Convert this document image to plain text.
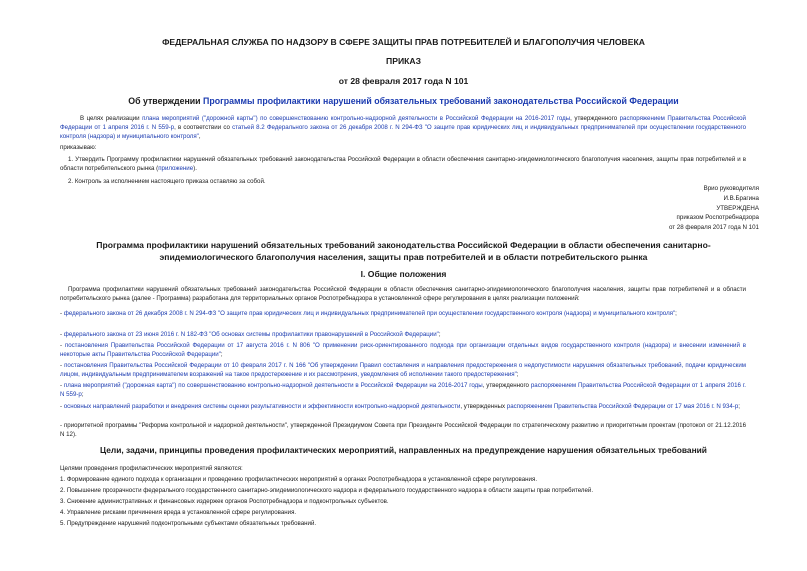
ФЕДЕРАЛЬНАЯ СЛУЖБА ПО НАДЗОРУ В СФЕРЕ ЗАЩИТЫ ПРАВ ПОТРЕБИТЕЛЕЙ И БЛАГОПОЛУЧИЯ ЧЕЛОВЕКА
ПРИКАЗ
от 28 февраля 2017 года N 101
Об утверждении Программы профилактики нарушений обязательных требований законодательства Российской Федерации
В целях реализации плана мероприятий ("дорожной карты") по совершенствованию контрольно-надзорной деятельности в Российской Федерации на 2016-2017 годы, утвержденного распоряжением Правительства Российской Федерации от 1 апреля 2016 г. N 559-р, в соответствии со статьей 8.2 Федерального закона от 26 декабря 2008 г. N 294-ФЗ "О защите прав юридических лиц и индивидуальных предпринимателей при осуществлении государственного контроля (надзора) и муниципального контроля",
приказываю:
1. Утвердить Программу профилактики нарушений обязательных требований законодательства Российской Федерации в области обеспечения санитарно-эпидемиологического благополучия населения, защиты прав потребителей и в области потребительского рынка (приложение).
2. Контроль за исполнением настоящего приказа оставляю за собой.
Врио руководителя
И.В.Брагина
УТВЕРЖДЕНА
приказом Роспотребнадзора
от 28 февраля 2017 года N 101
Программа профилактики нарушений обязательных требований законодательства Российской Федерации в области обеспечения санитарно-эпидемиологического благополучия населения, защиты прав потребителей и в области потребительского рынка
I. Общие положения
Программа профилактики нарушений обязательных требований законодательства Российской Федерации в области обеспечения санитарно-эпидемиологического благополучия населения, защиты прав потребителей и в области потребительского рынка (далее - Программа) разработана для территориальных органов Роспотребнадзора в установленной сфере регулирования в целях реализации положений:
- федерального закона от 26 декабря 2008 г. N 294-ФЗ "О защите прав юридических лиц и индивидуальных предпринимателей при осуществлении государственного контроля (надзора) и муниципального контроля";
- федерального закона от 23 июня 2016 г. N 182-ФЗ "Об основах системы профилактики правонарушений в Российской Федерации";
- постановления Правительства Российской Федерации от 17 августа 2016 г. N 806 "О применении риск-ориентированного подхода при организации отдельных видов государственного контроля (надзора) и внесении изменений в некоторые акты Правительства Российской Федерации";
- постановления Правительства Российской Федерации от 10 февраля 2017 г. N 166 "Об утверждении Правил составления и направления предостережения о недопустимости нарушения обязательных требований, подачи юридическим лицом, индивидуальным предпринимателем возражений на такое предостережение и их рассмотрения, уведомления об исполнении такого предостережения";
- плана мероприятий ("дорожная карта") по совершенствованию контрольно-надзорной деятельности в Российской Федерации на 2016-2017 годы, утвержденного распоряжением Правительства Российской Федерации от 1 апреля 2016 г. N 559-р;
- основных направлений разработки и внедрения системы оценки результативности и эффективности контрольно-надзорной деятельности, утвержденных распоряжением Правительства Российской Федерации от 17 мая 2016 г. N 934-р;
- приоритетной программы "Реформа контрольной и надзорной деятельности", утвержденной Президиумом Совета при Президенте Российской Федерации по стратегическому развитию и приоритетным проектам (протокол от 21.12.2016 N 12).
Цели, задачи, принципы проведения профилактических мероприятий, направленных на предупреждение нарушения обязательных требований
Целями проведения профилактических мероприятий являются:
1. Формирование единого подхода к организации и проведению профилактических мероприятий в органах Роспотребнадзора в установленной сфере регулирования.
2. Повышение прозрачности федерального государственного санитарно-эпидемиологического надзора и федерального государственного надзора в области защиты прав потребителей.
3. Снижение административных и финансовых издержек органов Роспотребнадзора и подконтрольных субъектов.
4. Управление рисками причинения вреда в установленной сфере регулирования.
5. Предупреждение нарушений подконтрольными субъектами обязательных требований.
